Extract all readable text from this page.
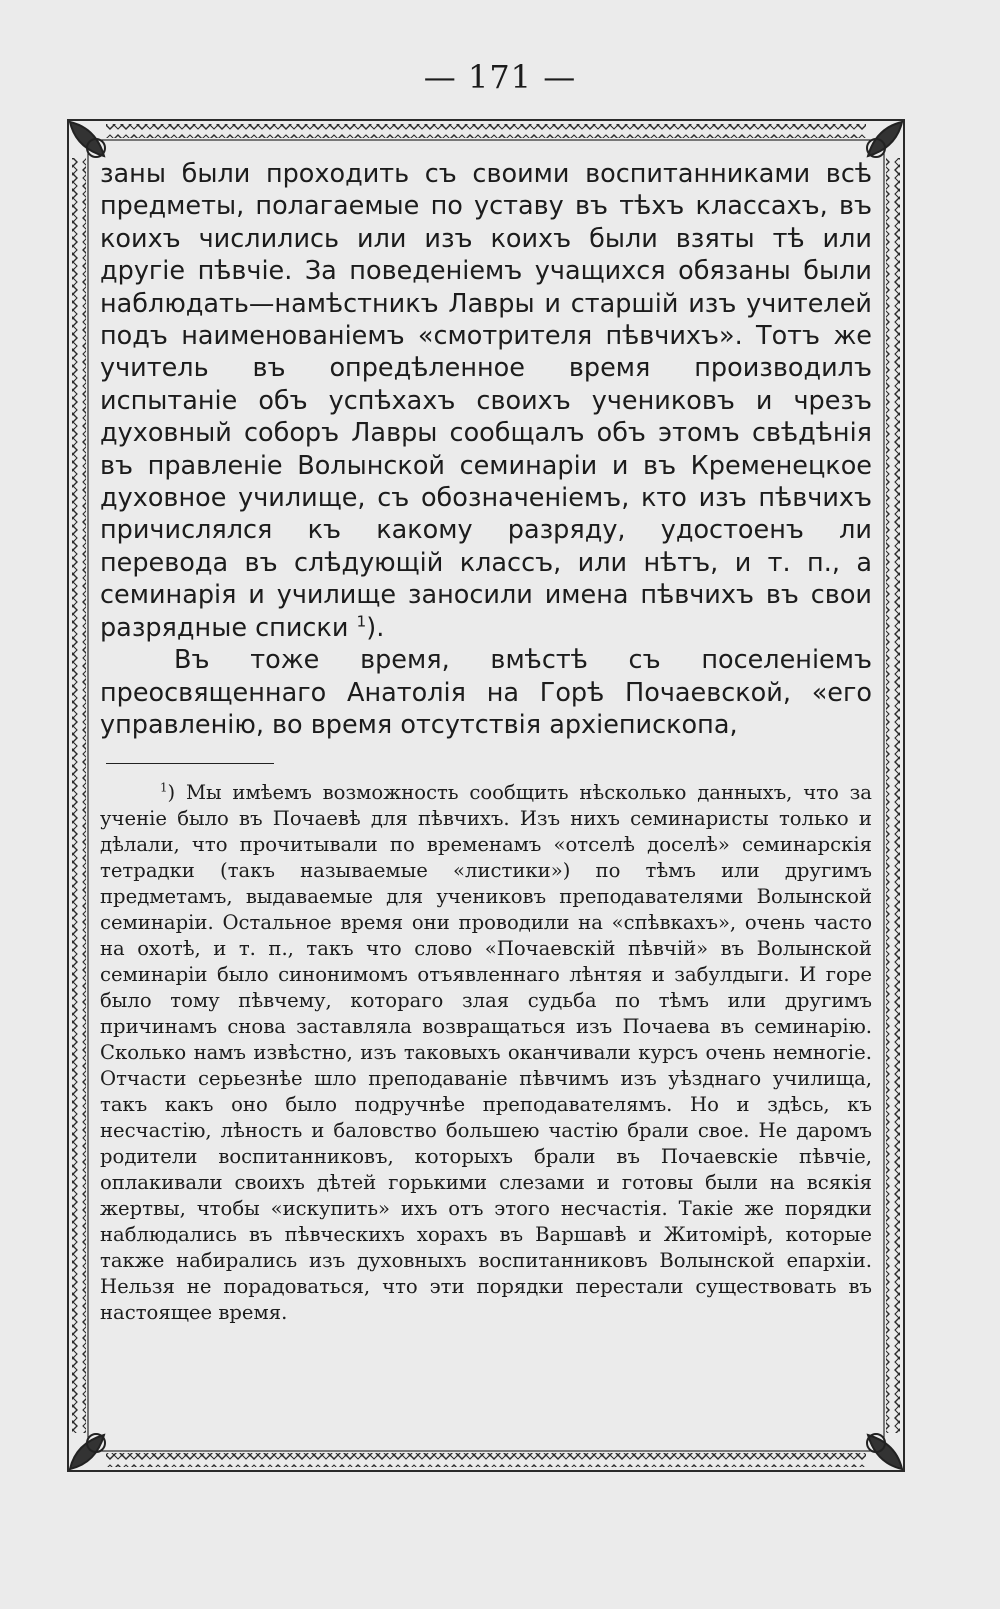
— 171 —

заны были проходить съ своими воспитанниками всѣ предметы, полагаемые по уставу въ тѣхъ классахъ, въ коихъ числились или изъ коихъ были взяты тѣ или другіе пѣвчіе. За поведеніемъ учащихся обязаны были наблюдать—намѣстникъ Лавры и старшій изъ учителей подъ наименованіемъ «смотрителя пѣвчихъ». Тотъ же учитель въ опредѣленное время производилъ испытаніе объ успѣхахъ своихъ учениковъ и чрезъ духовный соборъ Лавры сообщалъ объ этомъ свѣдѣнія въ правленіе Волынской семинаріи и въ Кременецкое духовное училище, съ обозначеніемъ, кто изъ пѣвчихъ причислялся къ какому разряду, удостоенъ ли перевода въ слѣдующій классъ, или нѣтъ, и т. п., а семинарія и училище заносили имена пѣвчихъ въ свои разрядные списки $^1$).

Въ тоже время, вмѣстѣ съ поселеніемъ преосвященнаго Анатолія на Горѣ Почаевской, «его управленію, во время отсутствія архіепископа,

$^1$) Мы имѣемъ возможность сообщить нѣсколько данныхъ, что за ученіе было въ Почаевѣ для пѣвчихъ. Изъ нихъ семинаристы только и дѣлали, что прочитывали по временамъ «отселѣ доселѣ» семинарскія тетрадки (такъ называемые «листики») по тѣмъ или другимъ предметамъ, выдаваемые для учениковъ преподавателями Волынской семинаріи. Остальное время они проводили на «спѣвкахъ», очень часто на охотѣ, и т. п., такъ что слово «Почаевскій пѣвчій» въ Волынской семинаріи было синонимомъ отъявленнаго лѣнтяя и забулдыги. И горе было тому пѣвчему, котораго злая судьба по тѣмъ или другимъ причинамъ снова заставляла возвращаться изъ Почаева въ семинарію. Сколько намъ извѣстно, изъ таковыхъ оканчивали курсъ очень немногіе. Отчасти серьезнѣе шло преподаваніе пѣвчимъ изъ уѣзднаго училища, такъ какъ оно было подручнѣе преподавателямъ. Но и здѣсь, къ несчастію, лѣность и баловство большею частію брали свое. Не даромъ родители воспитанниковъ, которыхъ брали въ Почаевскіе пѣвчіе, оплакивали своихъ дѣтей горькими слезами и готовы были на всякія жертвы, чтобы «искупить» ихъ отъ этого несчастія. Такіе же порядки наблюдались въ пѣвческихъ хорахъ въ Варшавѣ и Житомірѣ, которые также набирались изъ духовныхъ воспитанниковъ Волынской епархіи. Нельзя не порадоваться, что эти порядки перестали существовать въ настоящее время.
